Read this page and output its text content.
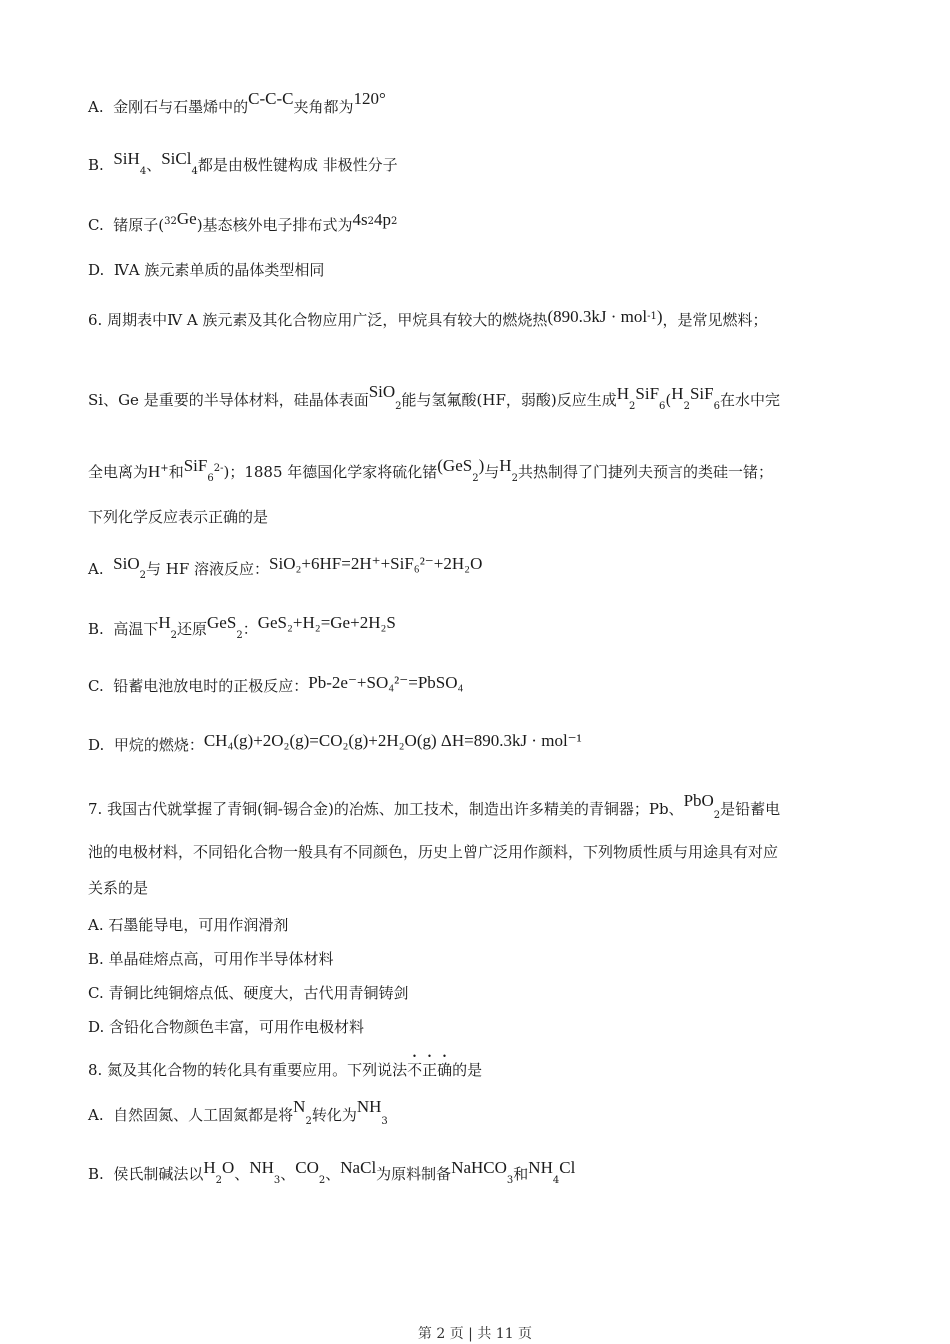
A. 金刚石与石墨烯中的C-C-C夹角都为120°
B. SiH$_4$、SiCl$_4$都是由极性键构成 非极性分子
C. 锗原子($^{32}$Ge)基态核外电子排布式为$4s^24p^2$
D. ⅣA 族元素单质的晶体类型相同
6. 周期表中Ⅳ A 族元素及其化合物应用广泛，甲烷具有较大的燃烧热(890.3kJ · mol$^{-1}$)，是常见燃料；
Si、Ge 是重要的半导体材料，硅晶体表面SiO$_2$能与氢氟酸(HF，弱酸)反应生成$H_2SiF_6(H_2SiF_6$在水中完
全电离为H+和SiF$_6^{2-}$)；1885 年德国化学家将硫化锗(GeS$_2$)与$H_2$共热制得了门捷列夫预言的类硅一锗；
下列化学反应表示正确的是
A. SiO$_2$与 HF 溶液反应：SiO₂+6HF=2H⁺+SiF₆²⁻+2H₂O
B. 高温下$H_2$还原GeS$_2$：GeS₂+H₂=Ge+2H₂S
C. 铅蓄电池放电时的正极反应：Pb-2e⁻+SO₄²⁻=PbSO₄
D. 甲烷的燃烧：CH₄(g)+2O₂(g)=CO₂(g)+2H₂O(g) ΔH=890.3kJ · mol⁻¹
7. 我国古代就掌握了青铜(铜-锡合金)的冶炼、加工技术，制造出许多精美的青铜器；Pb、PbO$_2$是铅蓄电
池的电极材料，不同铅化合物一般具有不同颜色，历史上曾广泛用作颜料，下列物质性质与用途具有对应
关系的是
A. 石墨能导电，可用作润滑剂
B. 单晶硅熔点高，可用作半导体材料
C. 青铜比纯铜熔点低、硬度大，古代用青铜铸剑
D. 含铅化合物颜色丰富，可用作电极材料
8. 氮及其化合物的转化具有重要应用。下列说法不正确的是
A. 自然固氮、人工固氮都是将$N_2$转化为$NH_3$
B. 侯氏制碱法以$H_2O$、$NH_3$、$CO_2$、NaCl为原料制备NaHCO$_3$和$NH_4Cl$
第 2 页 | 共 11 页
